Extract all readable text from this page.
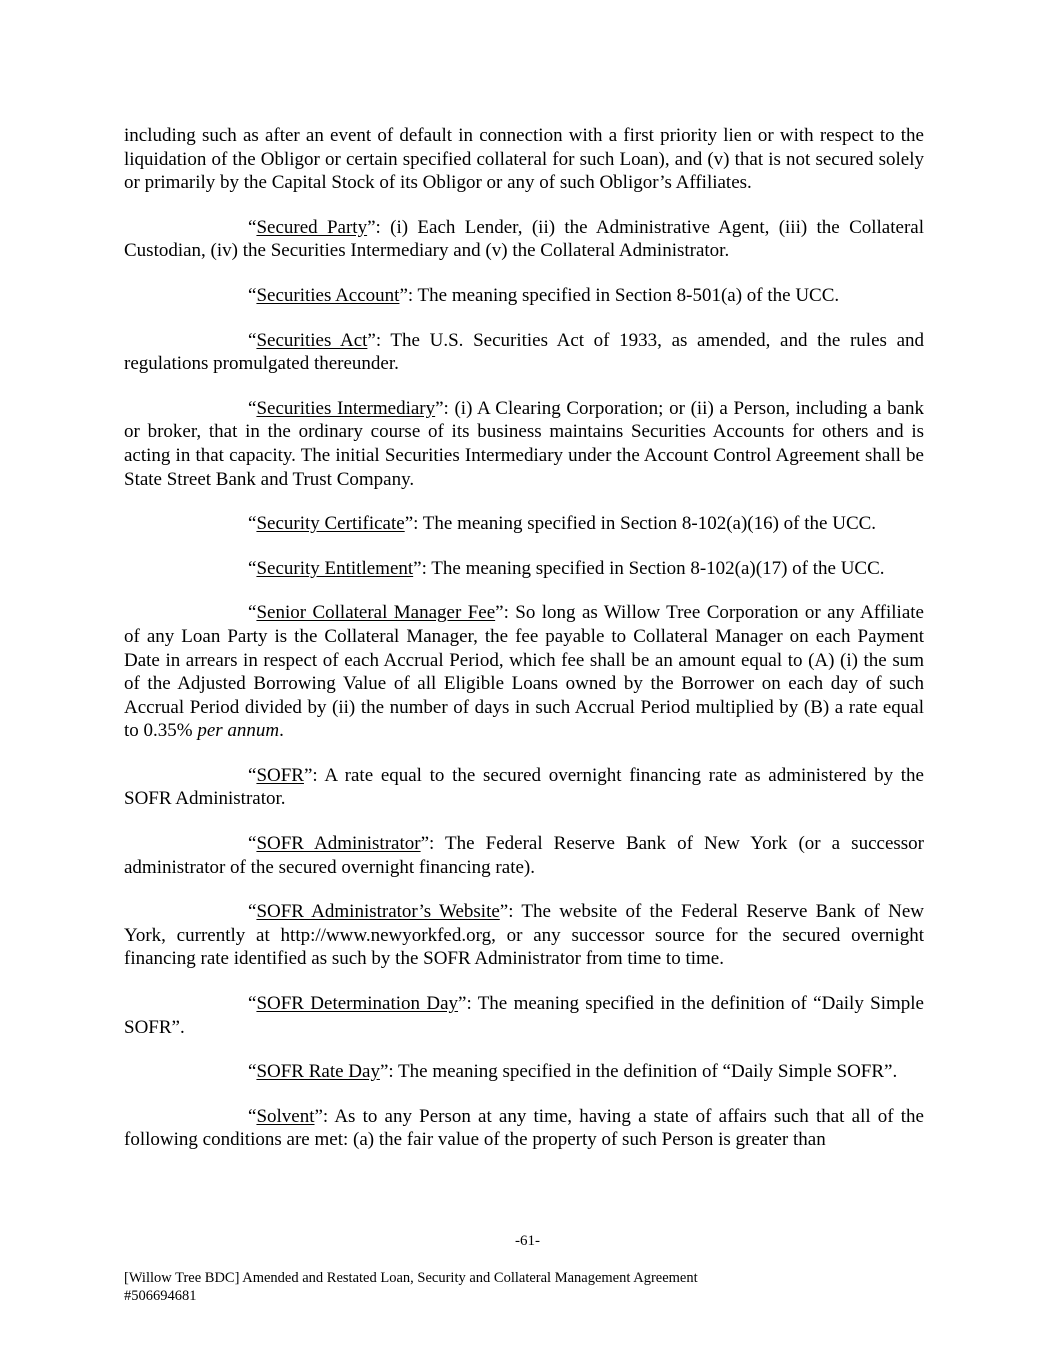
including such as after an event of default in connection with a first priority lien or with respect to the liquidation of the Obligor or certain specified collateral for such Loan), and (v) that is not secured solely or primarily by the Capital Stock of its Obligor or any of such Obligor’s Affiliates.

“Secured Party”: (i) Each Lender, (ii) the Administrative Agent, (iii) the Collateral Custodian, (iv) the Securities Intermediary and (v) the Collateral Administrator.

“Securities Account”: The meaning specified in Section 8-501(a) of the UCC.

“Securities Act”: The U.S. Securities Act of 1933, as amended, and the rules and regulations promulgated thereunder.

“Securities Intermediary”: (i) A Clearing Corporation; or (ii) a Person, including a bank or broker, that in the ordinary course of its business maintains Securities Accounts for others and is acting in that capacity. The initial Securities Intermediary under the Account Control Agreement shall be State Street Bank and Trust Company.

“Security Certificate”: The meaning specified in Section 8-102(a)(16) of the UCC.

“Security Entitlement”: The meaning specified in Section 8-102(a)(17) of the UCC.

“Senior Collateral Manager Fee”: So long as Willow Tree Corporation or any Affiliate of any Loan Party is the Collateral Manager, the fee payable to Collateral Manager on each Payment Date in arrears in respect of each Accrual Period, which fee shall be an amount equal to (A) (i) the sum of the Adjusted Borrowing Value of all Eligible Loans owned by the Borrower on each day of such Accrual Period divided by (ii) the number of days in such Accrual Period multiplied by (B) a rate equal to 0.35% per annum.

“SOFR”: A rate equal to the secured overnight financing rate as administered by the SOFR Administrator.

“SOFR Administrator”: The Federal Reserve Bank of New York (or a successor administrator of the secured overnight financing rate).

“SOFR Administrator’s Website”: The website of the Federal Reserve Bank of New York, currently at http://www.newyorkfed.org, or any successor source for the secured overnight financing rate identified as such by the SOFR Administrator from time to time.

“SOFR Determination Day”: The meaning specified in the definition of “Daily Simple SOFR”.

“SOFR Rate Day”: The meaning specified in the definition of “Daily Simple SOFR”.

“Solvent”: As to any Person at any time, having a state of affairs such that all of the following conditions are met: (a) the fair value of the property of such Person is greater than

-61-
[Willow Tree BDC] Amended and Restated Loan, Security and Collateral Management Agreement
#506694681
